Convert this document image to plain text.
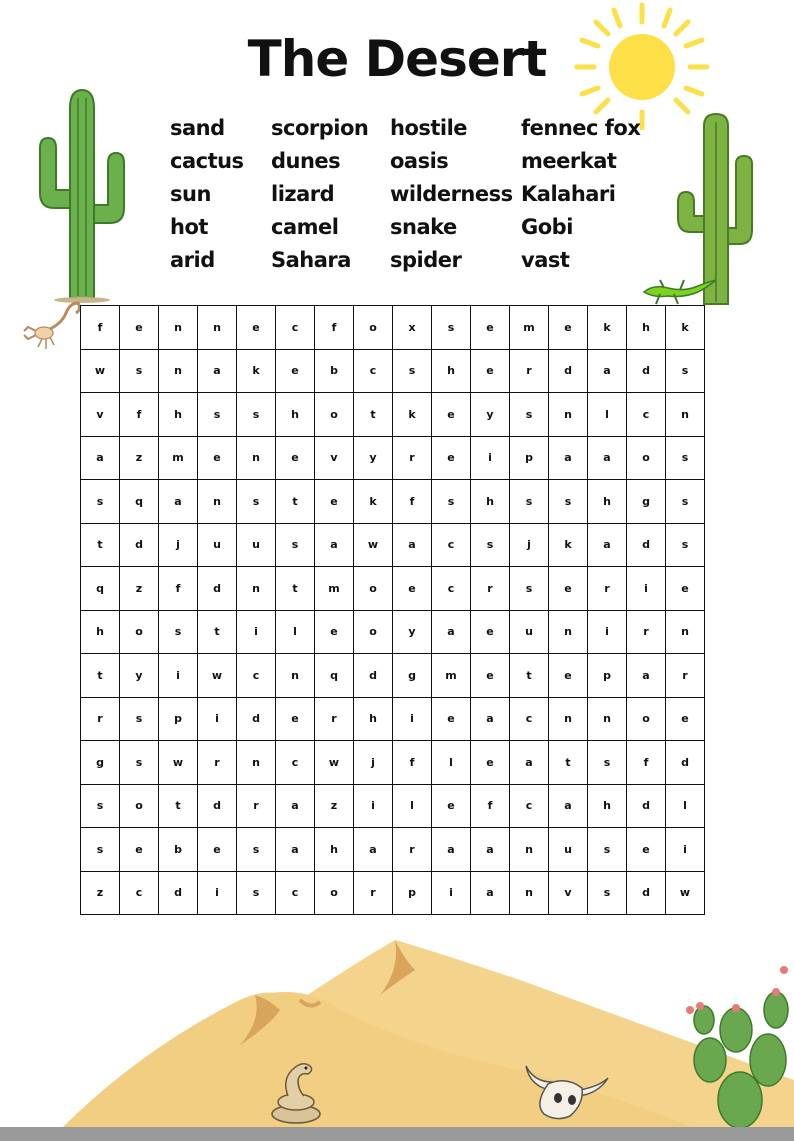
The Desert
sand
cactus
sun
hot
arid
scorpion
dunes
lizard
camel
Sahara
hostile
oasis
wilderness
snake
spider
fennec fox
meerkat
Kalahari
Gobi
vast
f	e	n	n	e	c	f	o	x	s	e	m	e	k	h	k
w	s	n	a	k	e	b	c	s	h	e	r	d	a	d	s
v	f	h	s	s	h	o	t	k	e	y	s	n	l	c	n
a	z	m	e	n	e	v	y	r	e	i	p	a	a	o	s
s	q	a	n	s	t	e	k	f	s	h	s	s	h	g	s
t	d	j	u	u	s	a	w	a	c	s	j	k	a	d	s
q	z	f	d	n	t	m	o	e	c	r	s	e	r	i	e
h	o	s	t	i	l	e	o	y	a	e	u	n	i	r	n
t	y	i	w	c	n	q	d	g	m	e	t	e	p	a	r
r	s	p	i	d	e	r	h	i	e	a	c	n	n	o	e
g	s	w	r	n	c	w	j	f	l	e	a	t	s	f	d
s	o	t	d	r	a	z	i	l	e	f	c	a	h	d	l
s	e	b	e	s	a	h	a	r	a	a	n	u	s	e	i
z	c	d	i	s	c	o	r	p	i	a	n	v	s	d	w
